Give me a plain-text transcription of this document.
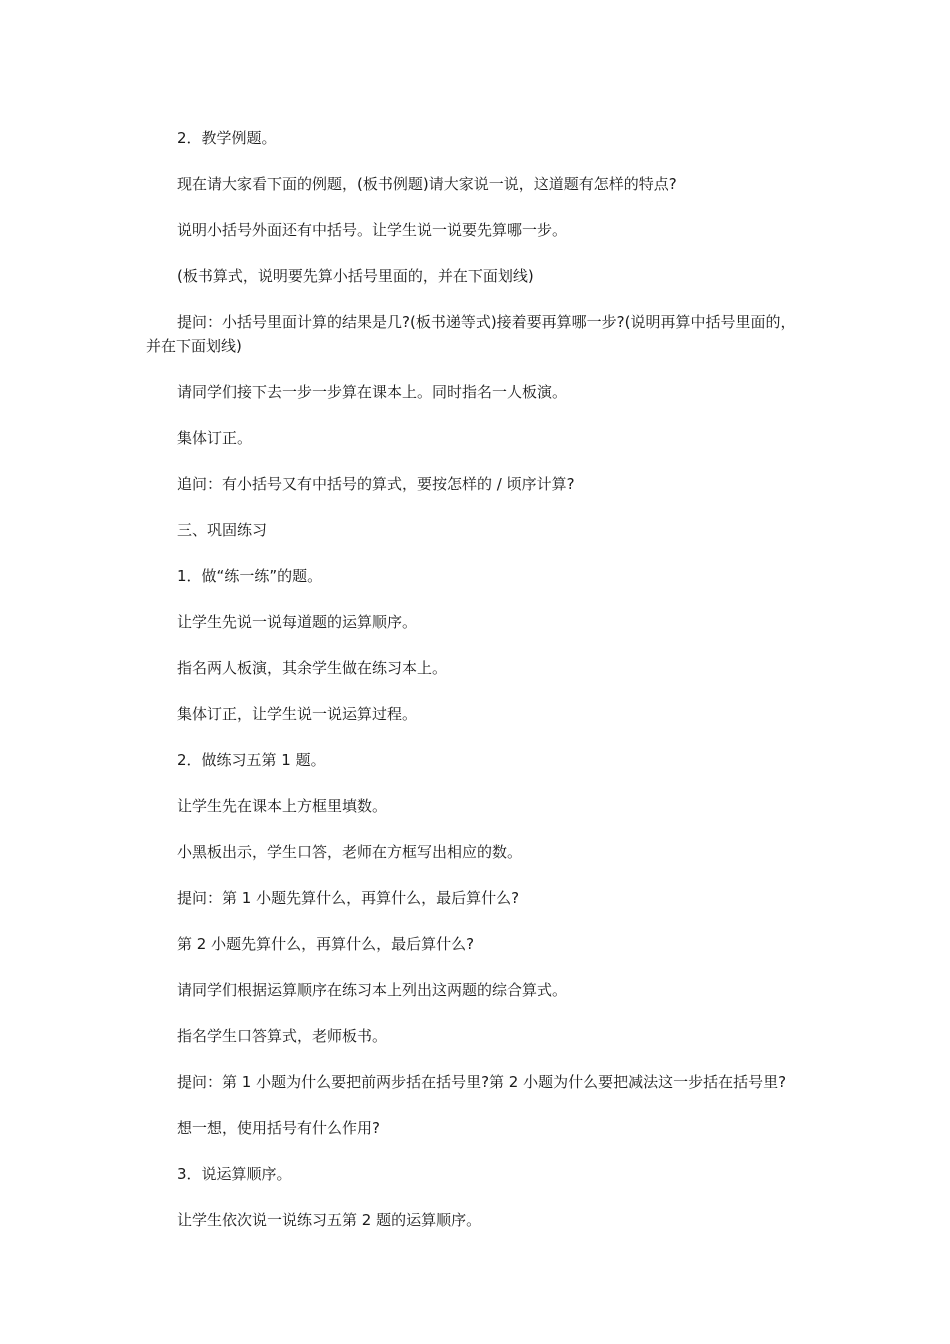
2．教学例题。

现在请大家看下面的例题，(板书例题)请大家说一说，这道题有怎样的特点?

说明小括号外面还有中括号。让学生说一说要先算哪一步。

(板书算式，说明要先算小括号里面的，并在下面划线)

提问：小括号里面计算的结果是几?(板书递等式)接着要再算哪一步?(说明再算中括号里面的，并在下面划线)

请同学们接下去一步一步算在课本上。同时指名一人板演。

集体订正。

追问：有小括号又有中括号的算式，要按怎样的 / 顷序计算?

三、巩固练习

1．做“练一练”的题。

让学生先说一说每道题的运算顺序。

指名两人板演，其余学生做在练习本上。

集体订正，让学生说一说运算过程。

2．做练习五第 1 题。

让学生先在课本上方框里填数。

小黑板出示，学生口答，老师在方框写出相应的数。

提问：第 1 小题先算什么，再算什么，最后算什么?

第 2 小题先算什么，再算什么，最后算什么?

请同学们根据运算顺序在练习本上列出这两题的综合算式。

指名学生口答算式，老师板书。

提问：第 1 小题为什么要把前两步括在括号里?第 2 小题为什么要把减法这一步括在括号里?

想一想，使用括号有什么作用?

3．说运算顺序。

让学生依次说一说练习五第 2 题的运算顺序。
